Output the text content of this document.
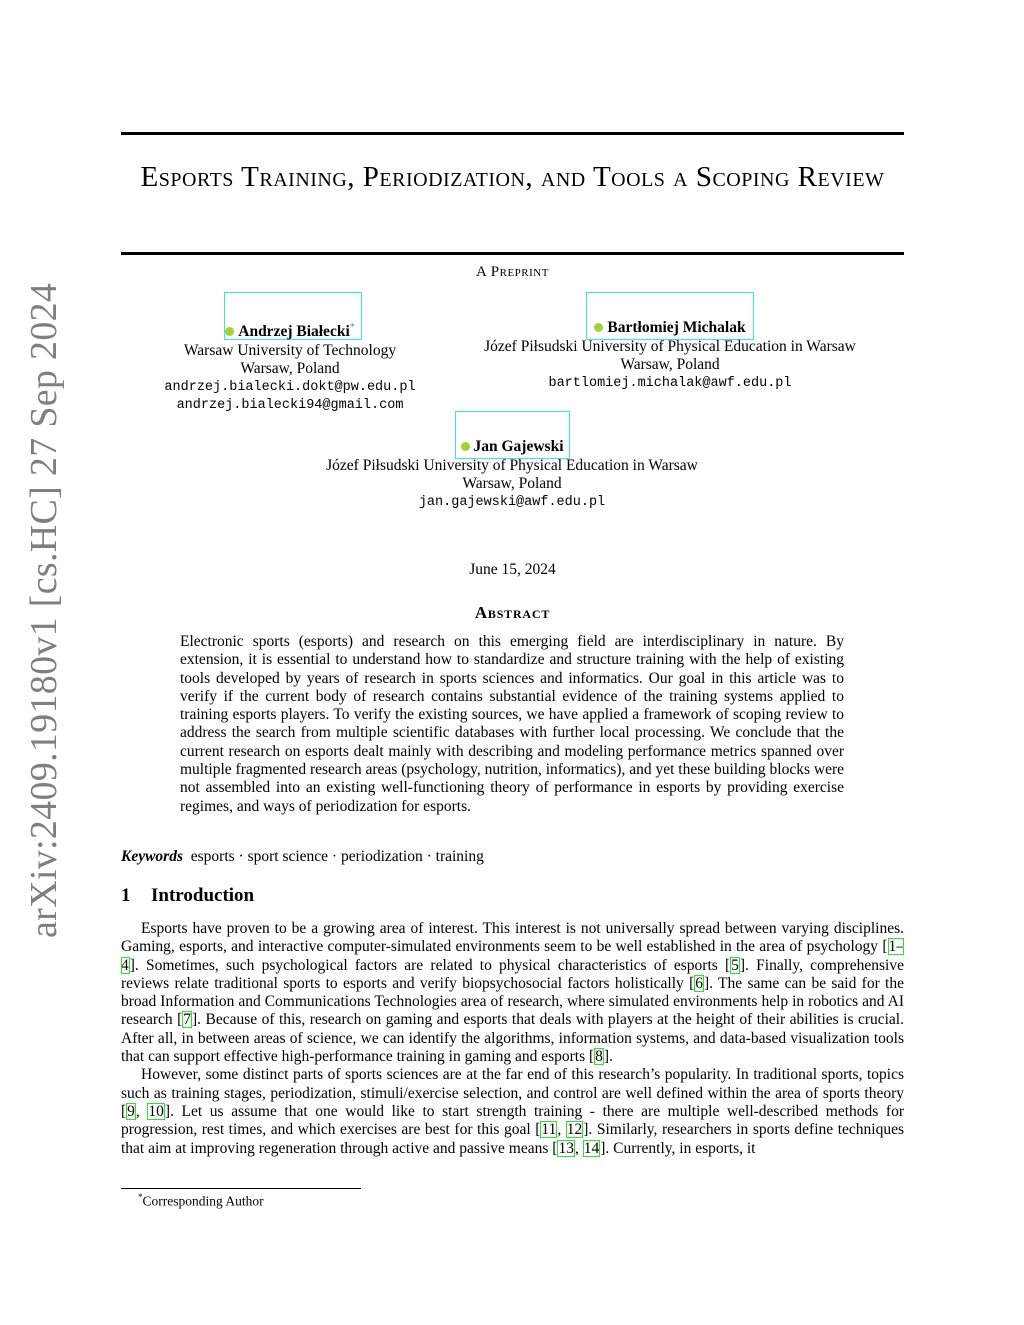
arXiv:2409.19180v1 [cs.HC] 27 Sep 2024
Esports Training, Periodization, and Tools a Scoping Review
A Preprint
Andrzej Białecki*
Warsaw University of Technology
Warsaw, Poland
andrzej.bialecki.dokt@pw.edu.pl
andrzej.bialecki94@gmail.com
Bartłomiej Michalak
Józef Piłsudski University of Physical Education in Warsaw
Warsaw, Poland
bartlomiej.michalak@awf.edu.pl
Jan Gajewski
Józef Piłsudski University of Physical Education in Warsaw
Warsaw, Poland
jan.gajewski@awf.edu.pl
June 15, 2024
Abstract
Electronic sports (esports) and research on this emerging field are interdisciplinary in nature. By extension, it is essential to understand how to standardize and structure training with the help of existing tools developed by years of research in sports sciences and informatics. Our goal in this article was to verify if the current body of research contains substantial evidence of the training systems applied to training esports players. To verify the existing sources, we have applied a framework of scoping review to address the search from multiple scientific databases with further local processing. We conclude that the current research on esports dealt mainly with describing and modeling performance metrics spanned over multiple fragmented research areas (psychology, nutrition, informatics), and yet these building blocks were not assembled into an existing well-functioning theory of performance in esports by providing exercise regimes, and ways of periodization for esports.
Keywords esports · sport science · periodization · training
1 Introduction

Esports have proven to be a growing area of interest. This interest is not universally spread between varying disciplines. Gaming, esports, and interactive computer-simulated environments seem to be well established in the area of psychology [1–4]. Sometimes, such psychological factors are related to physical characteristics of esports [5]. Finally, comprehensive reviews relate traditional sports to esports and verify biopsychosocial factors holistically [6]. The same can be said for the broad Information and Communications Technologies area of research, where simulated environments help in robotics and AI research [7]. Because of this, research on gaming and esports that deals with players at the height of their abilities is crucial. After all, in between areas of science, we can identify the algorithms, information systems, and data-based visualization tools that can support effective high-performance training in gaming and esports [8].

However, some distinct parts of sports sciences are at the far end of this research’s popularity. In traditional sports, topics such as training stages, periodization, stimuli/exercise selection, and control are well defined within the area of sports theory [9, 10]. Let us assume that one would like to start strength training - there are multiple well-described methods for progression, rest times, and which exercises are best for this goal [11, 12]. Similarly, researchers in sports define techniques that aim at improving regeneration through active and passive means [13, 14]. Currently, in esports, it

*Corresponding Author
